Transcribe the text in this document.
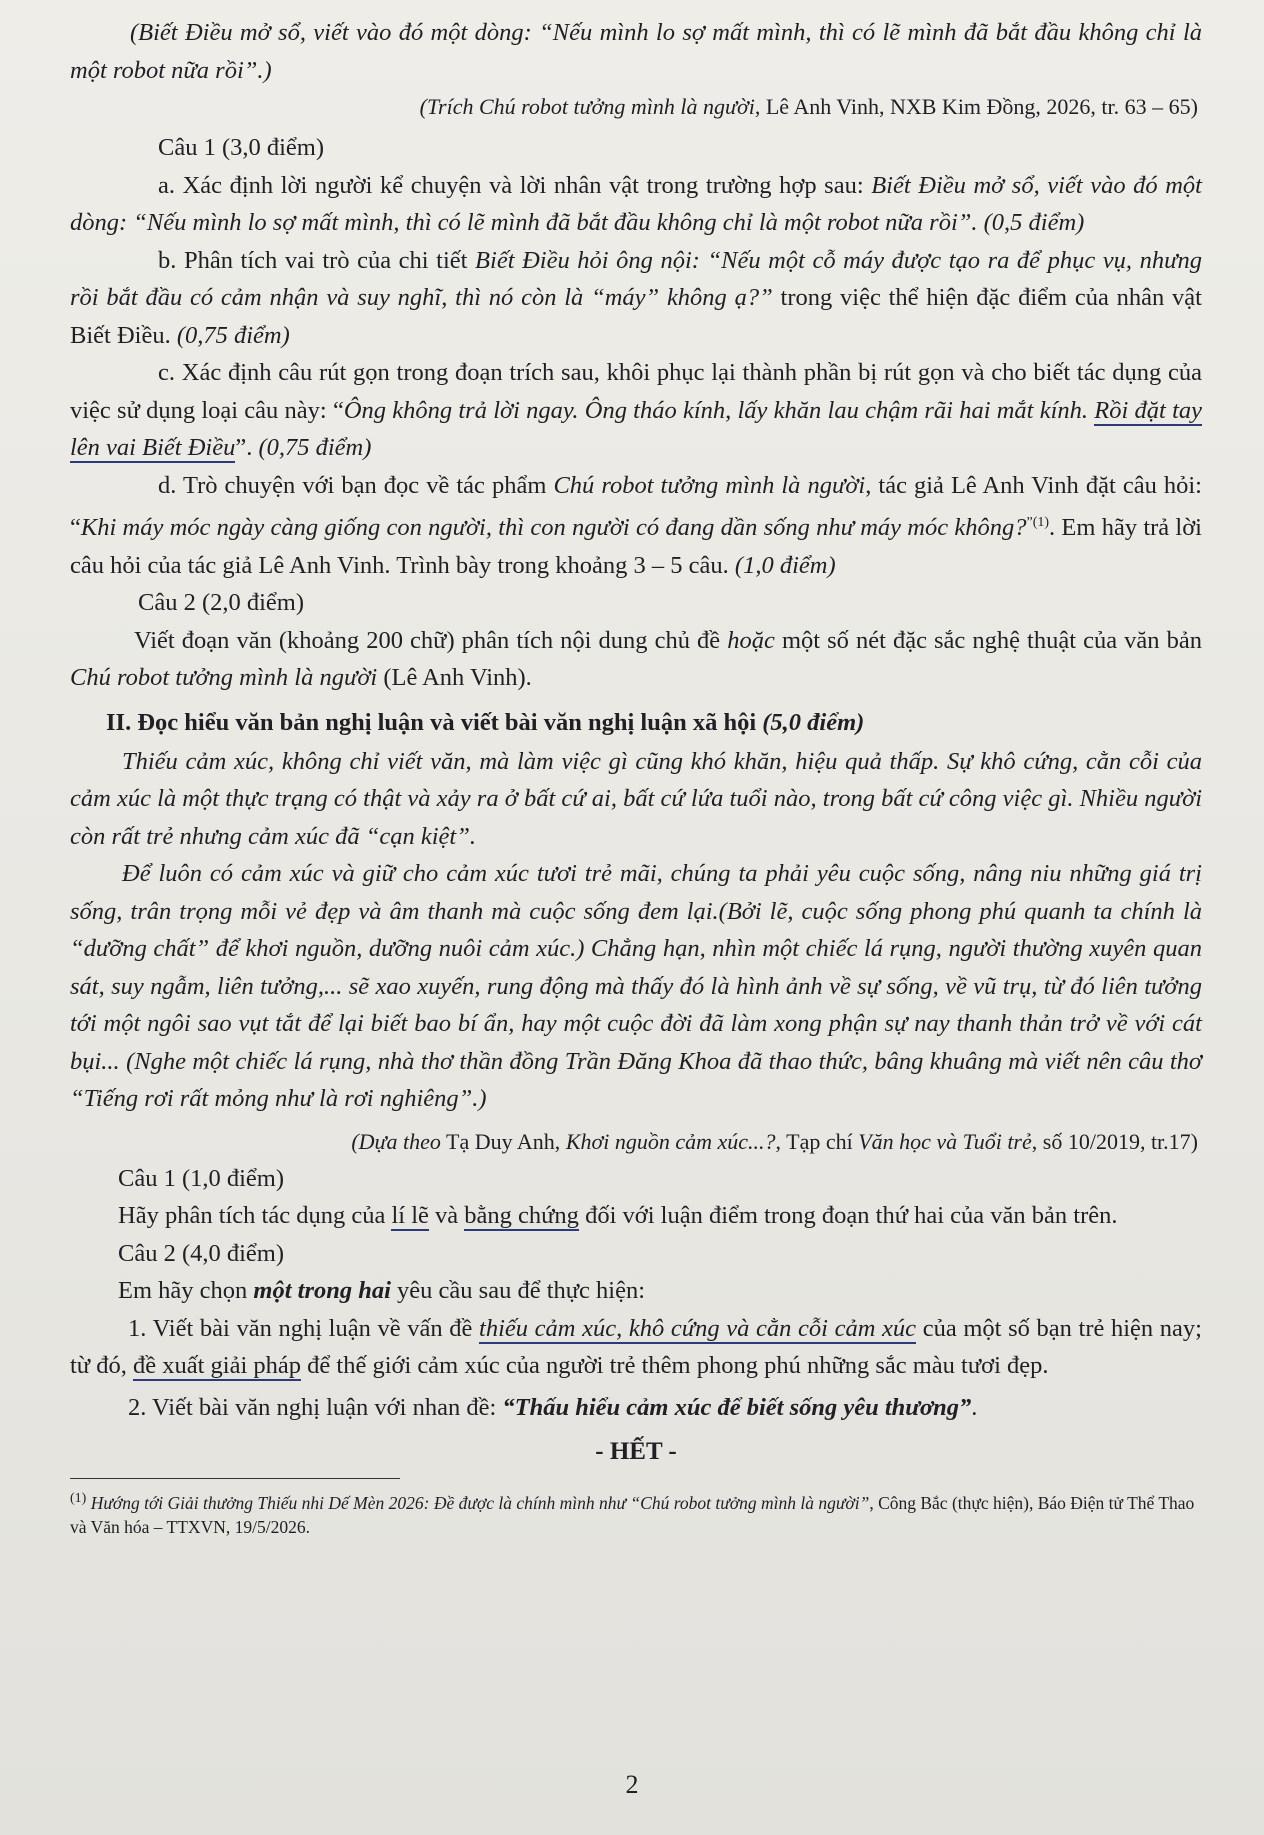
(Biết Điều mở sổ, viết vào đó một dòng: “Nếu mình lo sợ mất mình, thì có lẽ mình đã bắt đầu không chỉ là một robot nữa rồi”.)
(Trích Chú robot tưởng mình là người, Lê Anh Vinh, NXB Kim Đồng, 2026, tr. 63 – 65)
Câu 1 (3,0 điểm)
a. Xác định lời người kể chuyện và lời nhân vật trong trường hợp sau: Biết Điều mở sổ, viết vào đó một dòng: “Nếu mình lo sợ mất mình, thì có lẽ mình đã bắt đầu không chỉ là một robot nữa rồi”. (0,5 điểm)
b. Phân tích vai trò của chi tiết Biết Điều hỏi ông nội: “Nếu một cỗ máy được tạo ra để phục vụ, nhưng rồi bắt đầu có cảm nhận và suy nghĩ, thì nó còn là “máy” không ạ?” trong việc thể hiện đặc điểm của nhân vật Biết Điều. (0,75 điểm)
c. Xác định câu rút gọn trong đoạn trích sau, khôi phục lại thành phần bị rút gọn và cho biết tác dụng của việc sử dụng loại câu này: “Ông không trả lời ngay. Ông tháo kính, lấy khăn lau chậm rãi hai mắt kính. Rồi đặt tay lên vai Biết Điều”. (0,75 điểm)
d. Trò chuyện với bạn đọc về tác phẩm Chú robot tưởng mình là người, tác giả Lê Anh Vinh đặt câu hỏi: “Khi máy móc ngày càng giống con người, thì con người có đang dần sống như máy móc không?$^{”(1)}$. Em hãy trả lời câu hỏi của tác giả Lê Anh Vinh. Trình bày trong khoảng 3 – 5 câu. (1,0 điểm)
Câu 2 (2,0 điểm)
Viết đoạn văn (khoảng 200 chữ) phân tích nội dung chủ đề hoặc một số nét đặc sắc nghệ thuật của văn bản Chú robot tưởng mình là người (Lê Anh Vinh).
II. Đọc hiểu văn bản nghị luận và viết bài văn nghị luận xã hội (5,0 điểm)
Thiếu cảm xúc, không chỉ viết văn, mà làm việc gì cũng khó khăn, hiệu quả thấp. Sự khô cứng, cằn cỗi của cảm xúc là một thực trạng có thật và xảy ra ở bất cứ ai, bất cứ lứa tuổi nào, trong bất cứ công việc gì. Nhiều người còn rất trẻ nhưng cảm xúc đã “cạn kiệt”.
Để luôn có cảm xúc và giữ cho cảm xúc tươi trẻ mãi, chúng ta phải yêu cuộc sống, nâng niu những giá trị sống, trân trọng mỗi vẻ đẹp và âm thanh mà cuộc sống đem lại.(Bởi lẽ, cuộc sống phong phú quanh ta chính là “dưỡng chất” để khơi nguồn, dưỡng nuôi cảm xúc.) Chẳng hạn, nhìn một chiếc lá rụng, người thường xuyên quan sát, suy ngẫm, liên tưởng,... sẽ xao xuyến, rung động mà thấy đó là hình ảnh về sự sống, về vũ trụ, từ đó liên tưởng tới một ngôi sao vụt tắt để lại biết bao bí ẩn, hay một cuộc đời đã làm xong phận sự nay thanh thản trở về với cát bụi... (Nghe một chiếc lá rụng, nhà thơ thần đồng Trần Đăng Khoa đã thao thức, bâng khuâng mà viết nên câu thơ “Tiếng rơi rất mỏng như là rơi nghiêng”.)
(Dựa theo Tạ Duy Anh, Khơi nguồn cảm xúc...?, Tạp chí Văn học và Tuổi trẻ, số 10/2019, tr.17)
Câu 1 (1,0 điểm)
Hãy phân tích tác dụng của lí lẽ và bằng chứng đối với luận điểm trong đoạn thứ hai của văn bản trên.
Câu 2 (4,0 điểm)
Em hãy chọn một trong hai yêu cầu sau để thực hiện:
1. Viết bài văn nghị luận về vấn đề thiếu cảm xúc, khô cứng và cằn cỗi cảm xúc của một số bạn trẻ hiện nay; từ đó, đề xuất giải pháp để thế giới cảm xúc của người trẻ thêm phong phú những sắc màu tươi đẹp.
2. Viết bài văn nghị luận với nhan đề: “Thấu hiểu cảm xúc để biết sống yêu thương”.
- HẾT -
$^{(1)}$ Hướng tới Giải thưởng Thiếu nhi Dế Mèn 2026: Đề được là chính mình như “Chú robot tưởng mình là người”, Công Bắc (thực hiện), Báo Điện tử Thể Thao và Văn hóa – TTXVN, 19/5/2026.
2
